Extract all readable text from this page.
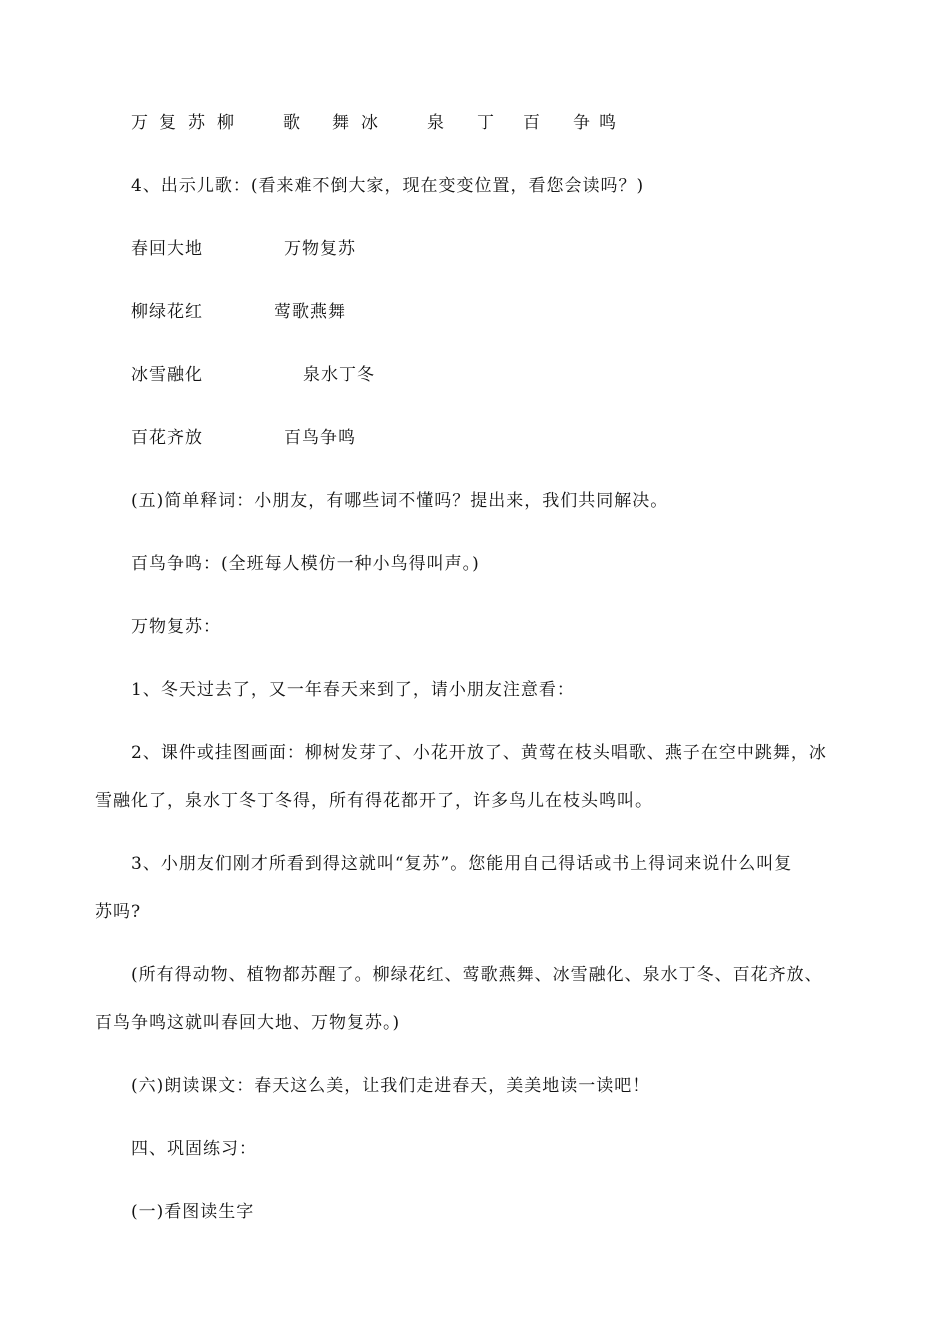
万 复 苏 柳	歌 舞 冰	泉 丁 百 争 鸣
4、出示儿歌：(看来难不倒大家，现在变变位置，看您会读吗？)
春回大地	万物复苏
柳绿花红	莺歌燕舞
冰雪融化	泉水丁冬
百花齐放	百鸟争鸣
(五)简单释词：小朋友，有哪些词不懂吗？提出来，我们共同解决。
百鸟争鸣：(全班每人模仿一种小鸟得叫声。)
万物复苏：
1、冬天过去了，又一年春天来到了，请小朋友注意看：
2、课件或挂图画面：柳树发芽了、小花开放了、黄莺在枝头唱歌、燕子在空中跳舞，冰
雪融化了，泉水丁冬丁冬得，所有得花都开了，许多鸟儿在枝头鸣叫。
3、小朋友们刚才所看到得这就叫“复苏”。您能用自己得话或书上得词来说什么叫复
苏吗?
(所有得动物、植物都苏醒了。柳绿花红、莺歌燕舞、冰雪融化、泉水丁冬、百花齐放、
百鸟争鸣这就叫春回大地、万物复苏。)
(六)朗读课文：春天这么美，让我们走进春天，美美地读一读吧！
四、巩固练习：
(一)看图读生字
